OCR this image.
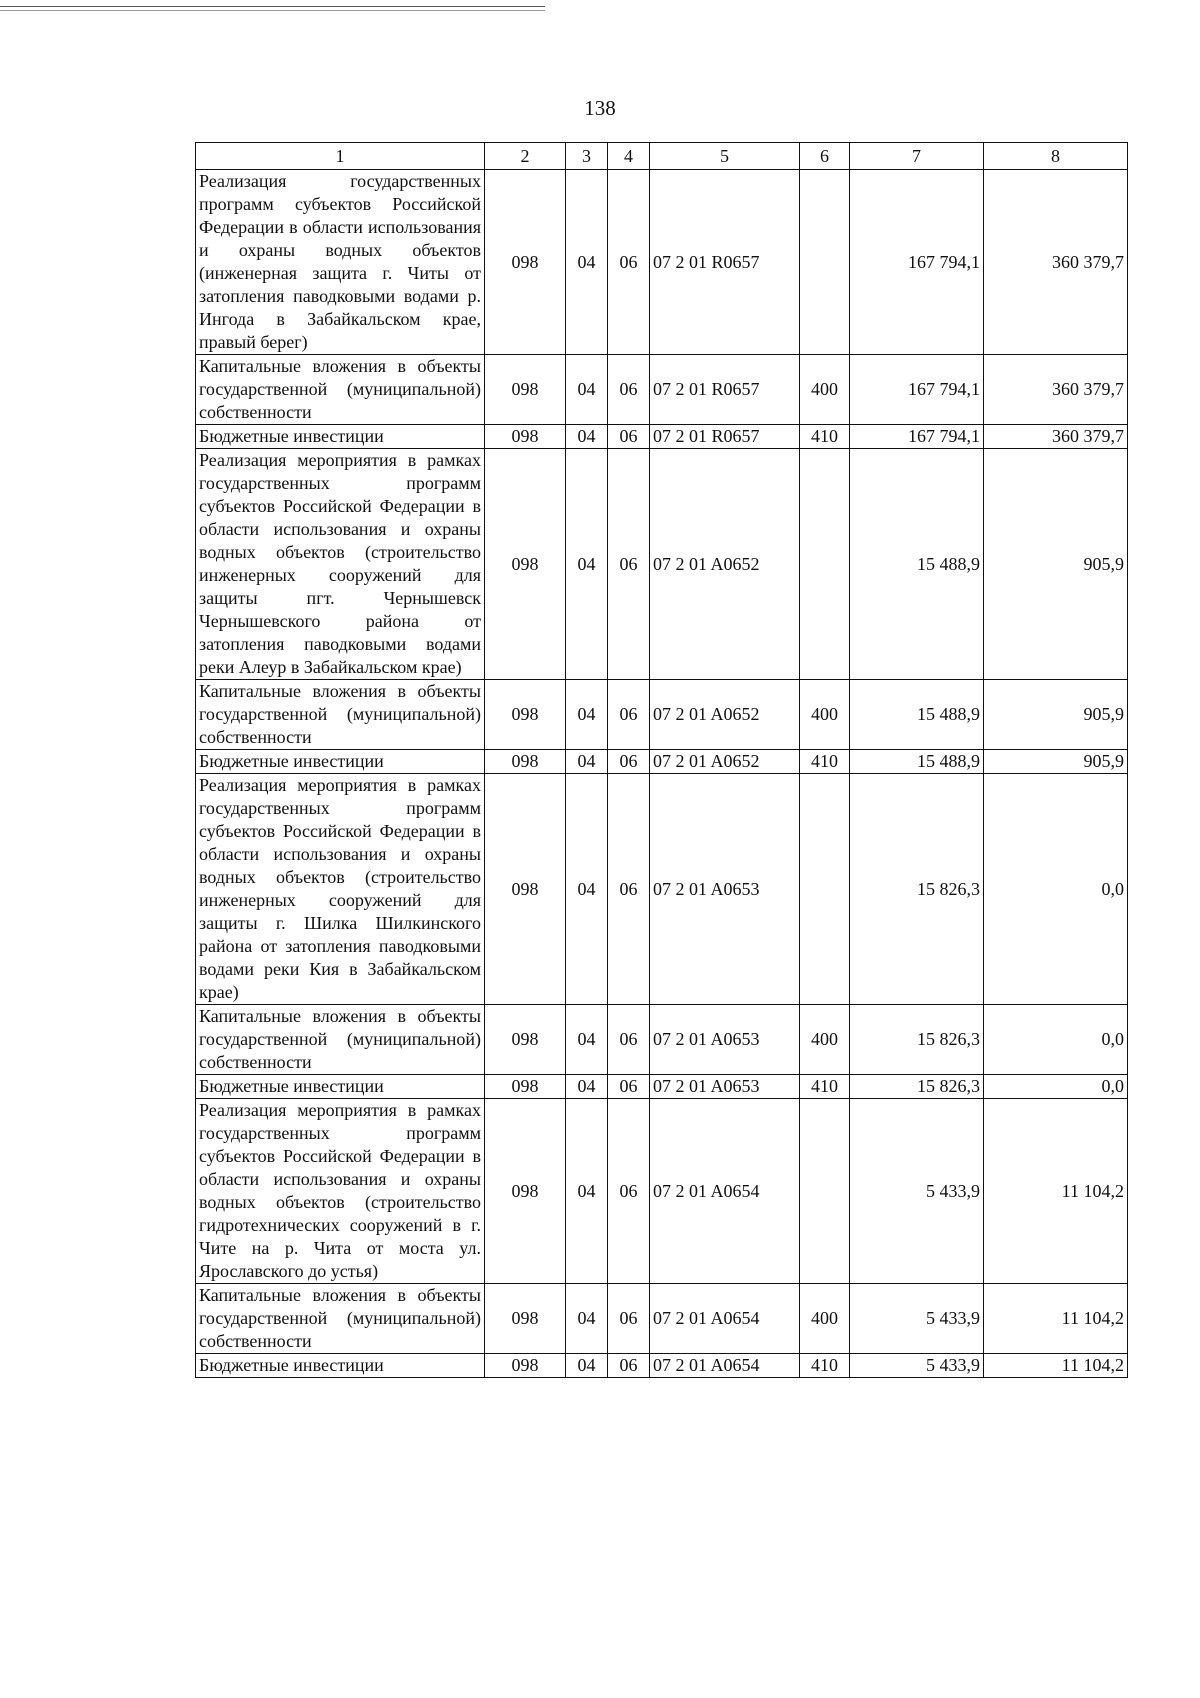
138
1	2	3	4	5	6	7	8
Реализация государственных программ субъектов Российской Федерации в области использования и охраны водных объектов (инженерная защита г. Читы от затопления паводковыми водами р. Ингода в Забайкальском крае, правый берег)	098	04	06	07 2 01 R0657		167 794,1	360 379,7
Капитальные вложения в объекты государственной (муниципальной) собственности	098	04	06	07 2 01 R0657	400	167 794,1	360 379,7
Бюджетные инвестиции	098	04	06	07 2 01 R0657	410	167 794,1	360 379,7
Реализация мероприятия в рамках государственных программ субъектов Российской Федерации в области использования и охраны водных объектов (строительство инженерных сооружений для защиты пгт. Чернышевск Чернышевского района от затопления паводковыми водами реки Алеур в Забайкальском крае)	098	04	06	07 2 01 A0652		15 488,9	905,9
Капитальные вложения в объекты государственной (муниципальной) собственности	098	04	06	07 2 01 A0652	400	15 488,9	905,9
Бюджетные инвестиции	098	04	06	07 2 01 A0652	410	15 488,9	905,9
Реализация мероприятия в рамках государственных программ субъектов Российской Федерации в области использования и охраны водных объектов (строительство инженерных сооружений для защиты г. Шилка Шилкинского района от затопления паводковыми водами реки Кия в Забайкальском крае)	098	04	06	07 2 01 A0653		15 826,3	0,0
Капитальные вложения в объекты государственной (муниципальной) собственности	098	04	06	07 2 01 A0653	400	15 826,3	0,0
Бюджетные инвестиции	098	04	06	07 2 01 A0653	410	15 826,3	0,0
Реализация мероприятия в рамках государственных программ субъектов Российской Федерации в области использования и охраны водных объектов (строительство гидротехнических сооружений в г. Чите на р. Чита от моста ул. Ярославского до устья)	098	04	06	07 2 01 A0654		5 433,9	11 104,2
Капитальные вложения в объекты государственной (муниципальной) собственности	098	04	06	07 2 01 A0654	400	5 433,9	11 104,2
Бюджетные инвестиции	098	04	06	07 2 01 A0654	410	5 433,9	11 104,2
